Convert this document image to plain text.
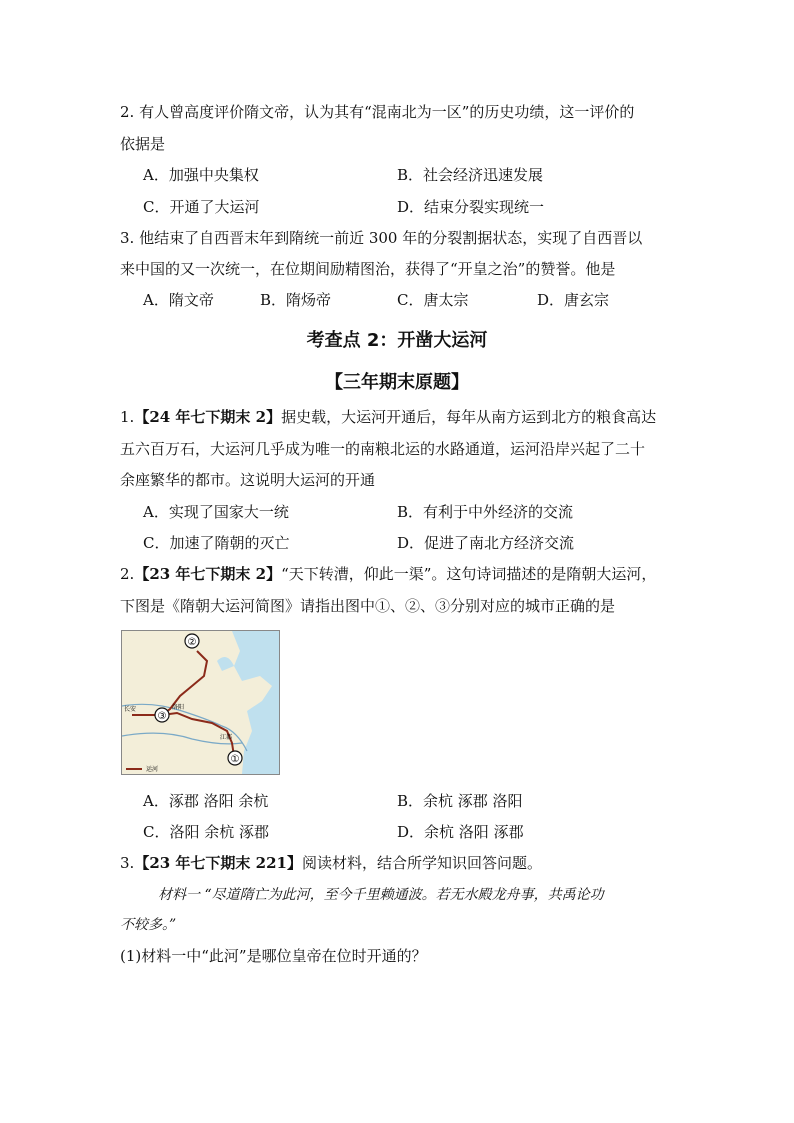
2. 有人曾高度评价隋文帝，认为其有“混南北为一区”的历史功绩，这一评价的
依据是
A．加强中央集权	B．社会经济迅速发展
C．开通了大运河	D．结束分裂实现统一
3. 他结束了自西晋末年到隋统一前近 300 年的分裂割据状态，实现了自西晋以
来中国的又一次统一，在位期间励精图治，获得了“开皇之治”的赞誉。他是
A．隋文帝	B．隋炀帝	C．唐太宗	D．唐玄宗
考查点 2：开凿大运河
【三年期末原题】
1.【24 年七下期末 2】据史载，大运河开通后，每年从南方运到北方的粮食高达
五六百万石，大运河几乎成为唯一的南粮北运的水路通道，运河沿岸兴起了二十
余座繁华的都市。这说明大运河的开通
A．实现了国家大一统	B．有利于中外经济的交流
C．加速了隋朝的灭亡	D．促进了南北方经济交流
2.【23 年七下期末 2】“天下转漕，仰此一渠”。这句诗词描述的是隋朝大运河，
下图是《隋朝大运河简图》请指出图中①、②、③分别对应的城市正确的是
②
③
①
长安	洛阳
江都
运河
A．涿郡 洛阳 余杭	B．余杭 涿郡 洛阳
C．洛阳 余杭 涿郡	D．余杭 洛阳 涿郡
3.【23 年七下期末 221】阅读材料，结合所学知识回答问题。
材料一 “尽道隋亡为此河，至今千里赖通波。若无水殿龙舟事，共禹论功
不较多。”
(1)材料一中“此河”是哪位皇帝在位时开通的？
